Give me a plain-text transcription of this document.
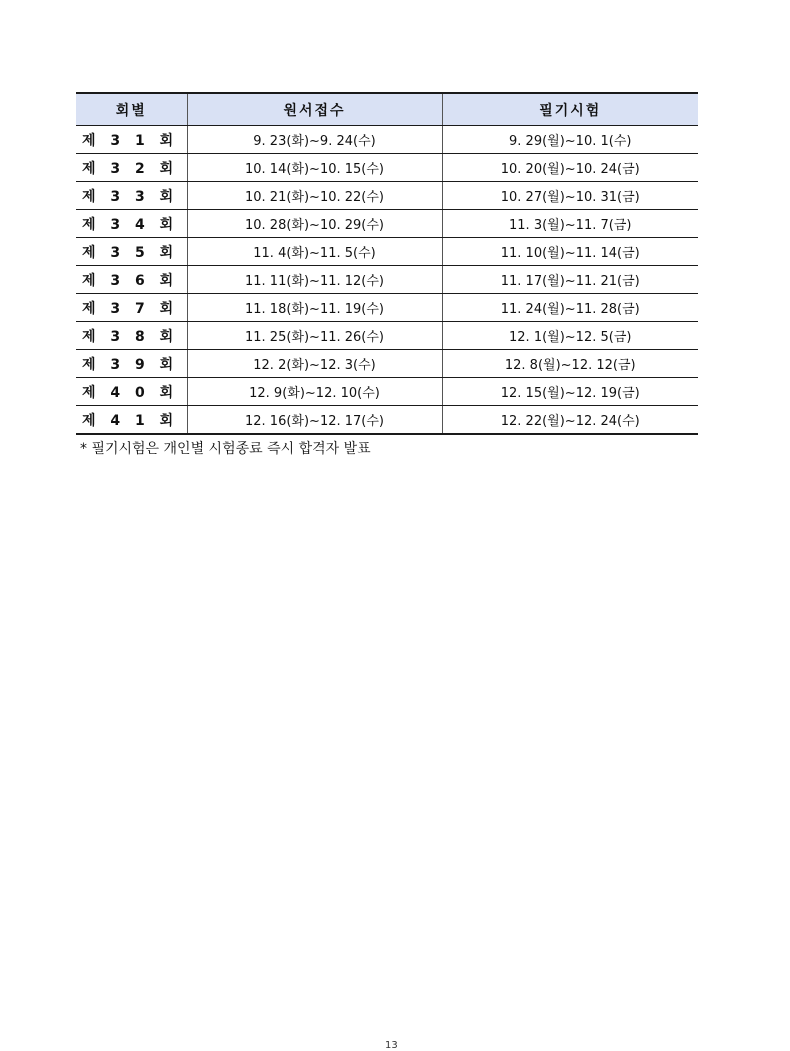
회별	원서접수	필기시험
제 3 1 회	9. 23(화)~9. 24(수)	9. 29(월)~10. 1(수)
제 3 2 회	10. 14(화)~10. 15(수)	10. 20(월)~10. 24(금)
제 3 3 회	10. 21(화)~10. 22(수)	10. 27(월)~10. 31(금)
제 3 4 회	10. 28(화)~10. 29(수)	11. 3(월)~11. 7(금)
제 3 5 회	11. 4(화)~11. 5(수)	11. 10(월)~11. 14(금)
제 3 6 회	11. 11(화)~11. 12(수)	11. 17(월)~11. 21(금)
제 3 7 회	11. 18(화)~11. 19(수)	11. 24(월)~11. 28(금)
제 3 8 회	11. 25(화)~11. 26(수)	12. 1(월)~12. 5(금)
제 3 9 회	12. 2(화)~12. 3(수)	12. 8(월)~12. 12(금)
제 4 0 회	12. 9(화)~12. 10(수)	12. 15(월)~12. 19(금)
제 4 1 회	12. 16(화)~12. 17(수)	12. 22(월)~12. 24(수)
* 필기시험은 개인별 시험종료 즉시 합격자 발표
13
